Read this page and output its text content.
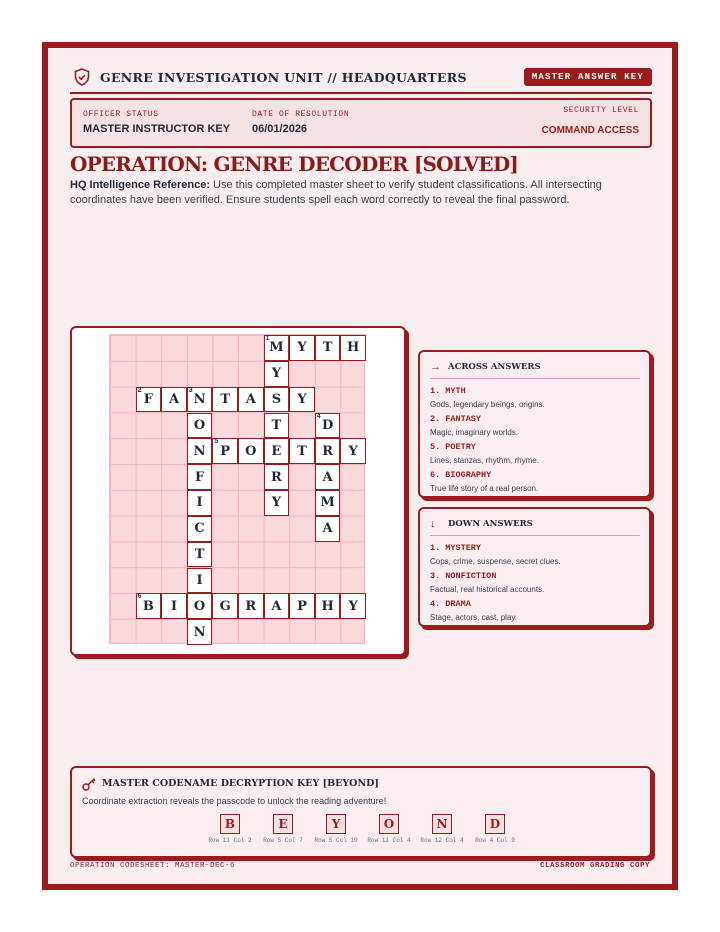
GENRE INVESTIGATION UNIT // HEADQUARTERS	MASTER ANSWER KEY
OFFICER STATUS
MASTER INSTRUCTOR KEY
DATE OF RESOLUTION
06/01/2026
SECURITY LEVEL
COMMAND ACCESS
OPERATION: GENRE DECODER [SOLVED]
HQ Intelligence Reference: Use this completed master sheet to verify student classifications. All intersecting coordinates have been verified. Ensure students spell each word correctly to reveal the final password.
M
1
Y T H
Y
F
2
A N
3
T A S Y
O	T	D
4
N P
5
O E T R Y
F	R	A
I	Y	M
C	A
T
I
B
6
I O G R A P H Y
N
→ ACROSS ANSWERS
1. MYTH
Gods, legendary beings, origins.
2. FANTASY
Magic, imaginary worlds.
5. POETRY
Lines, stanzas, rhythm, rhyme.
6. BIOGRAPHY
True life story of a real person.
↓ DOWN ANSWERS
1. MYSTERY
Cops, crime, suspense, secret clues.
3. NONFICTION
Factual, real historical accounts.
4. DRAMA
Stage, actors, cast, play.
MASTER CODENAME DECRYPTION KEY [BEYOND]
Coordinate extraction reveals the passcode to unlock the reading adventure!
B
Row 11 Col 2
E
Row 5 Col 7
Y
Row 5 Col 10
O
Row 11 Col 4
N
Row 12 Col 4
D
Row 4 Col 9
OPERATION CODESHEET: MASTER-DEC-6	CLASSROOM GRADING COPY
